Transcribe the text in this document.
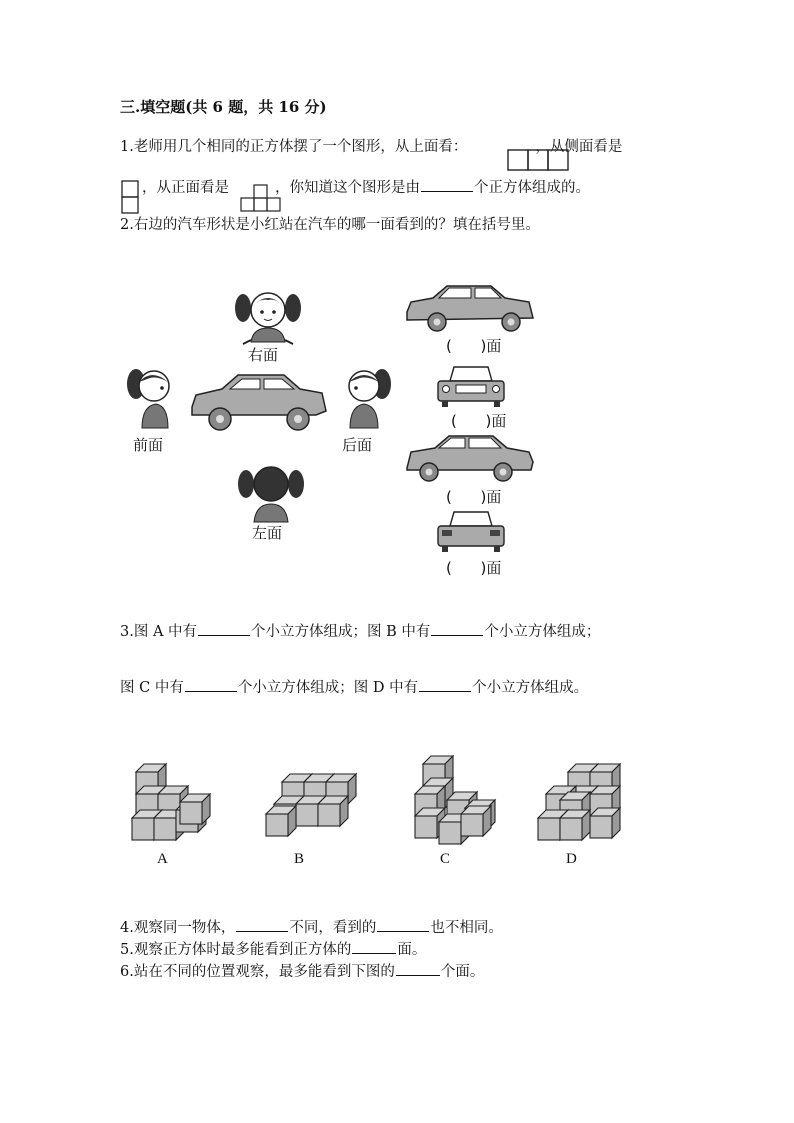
三.填空题(共 6 题，共 16 分)
1.老师用几个相同的正方体摆了一个图形，从上面看：	，从侧面看是
，从正面看是	，你知道这个图形是由	个正方体组成的。
2.右边的汽车形状是小红站在汽车的哪一面看到的？填在括号里。
右面
前面	后面
左面
(      )面
(      )面
(      )面
(      )面
3.图 A 中有	个小立方体组成；图 B 中有	个小立方体组成；
图 C 中有	个小立方体组成；图 D 中有	个小立方体组成。
A	B	C	D
4.观察同一物体，	不同，看到的	也不相同。
5.观察正方体时最多能看到正方体的	面。
6.站在不同的位置观察，最多能看到下图的	个面。
